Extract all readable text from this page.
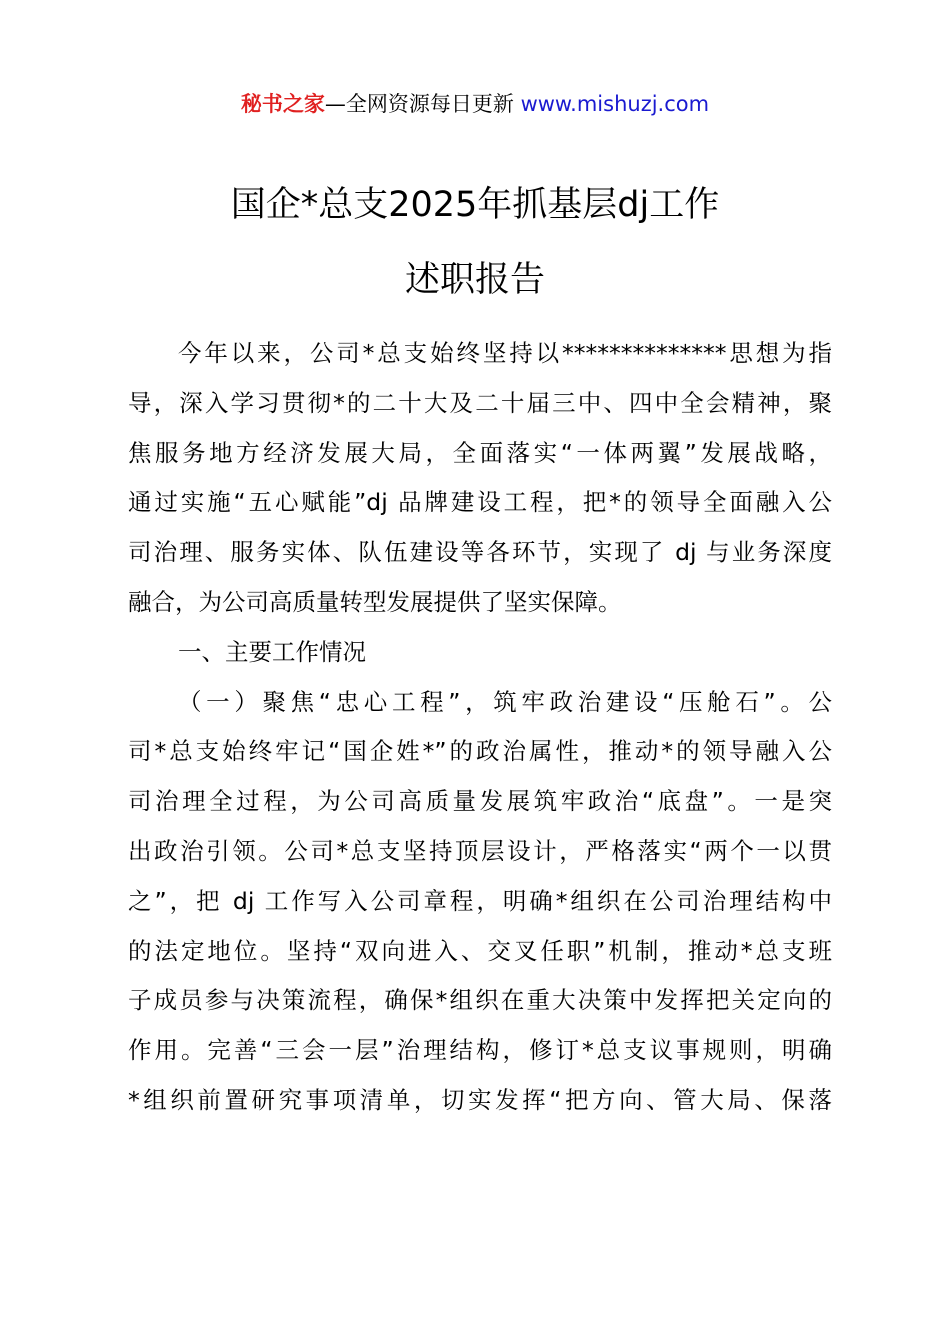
秘书之家—全网资源每日更新 www.mishuzj.com
国企*总支2025年抓基层dj工作
述职报告
今年以来，公司*总支始终坚持以**************思想为指
导，深入学习贯彻*的二十大及二十届三中、四中全会精神，聚
焦服务地方经济发展大局，全面落实“一体两翼”发展战略，
通过实施“五心赋能”dj 品牌建设工程，把*的领导全面融入公
司治理、服务实体、队伍建设等各环节，实现了 dj 与业务深度
融合，为公司高质量转型发展提供了坚实保障。
一、主要工作情况
（一）聚焦“忠心工程”，筑牢政治建设“压舱石”。公
司*总支始终牢记“国企姓*”的政治属性，推动*的领导融入公
司治理全过程，为公司高质量发展筑牢政治“底盘”。一是突
出政治引领。公司*总支坚持顶层设计，严格落实“两个一以贯
之”，把 dj 工作写入公司章程，明确*组织在公司治理结构中
的法定地位。坚持“双向进入、交叉任职”机制，推动*总支班
子成员参与决策流程，确保*组织在重大决策中发挥把关定向的
作用。完善“三会一层”治理结构，修订*总支议事规则，明确
*组织前置研究事项清单，切实发挥“把方向、管大局、保落
